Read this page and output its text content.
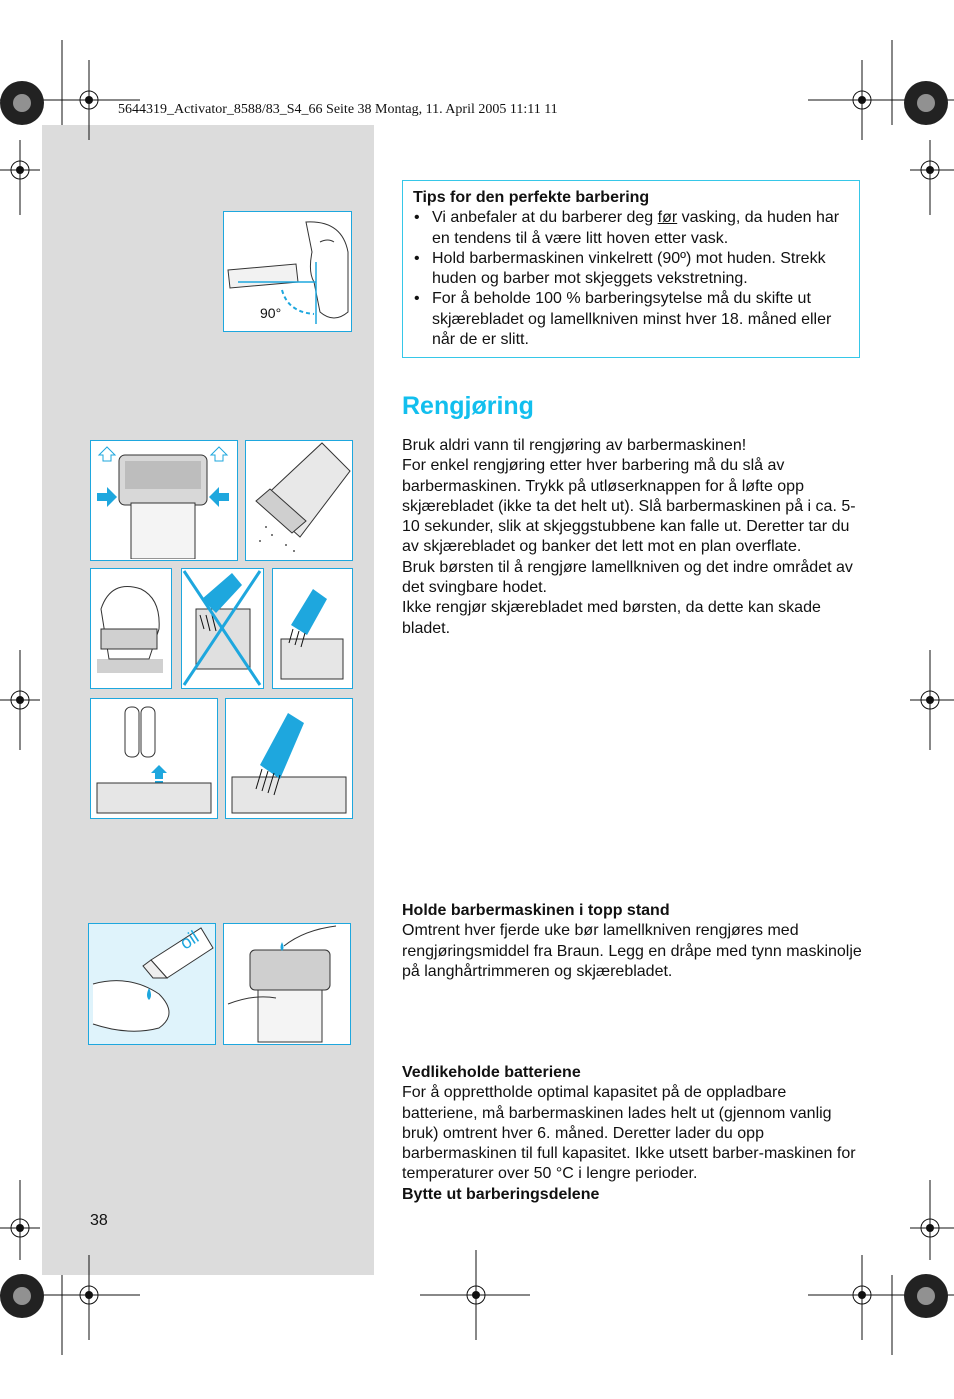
5644319_Activator_8588/83_S4_66 Seite 38 Montag, 11. April 2005 11:11 11
90°
oil
Tips for den perfekte barbering
• Vi anbefaler at du barberer deg før vasking, da huden har en tendens til å være litt hoven etter vask.
• Hold barbermaskinen vinkelrett (90º) mot huden. Strekk huden og barber mot skjeggets vekstretning.
• For å beholde 100 % barberingsytelse må du skifte ut skjærebladet og lamellkniven minst hver 18. måned eller når de er slitt.
Rengjøring

Bruk aldri vann til rengjøring av barbermaskinen!

For enkel rengjøring etter hver barbering må du slå av barbermaskinen. Trykk på utløserknappen for å løfte opp skjærebladet (ikke ta det helt ut). Slå barbermaskinen på i ca. 5-10 sekunder, slik at skjeggstubbene kan falle ut. Deretter tar du av skjærebladet og banker det lett mot en plan overflate.

Bruk børsten til å rengjøre lamellkniven og det indre området av det svingbare hodet.

Ikke rengjør skjærebladet med børsten, da dette kan skade bladet.

Holde barbermaskinen i topp stand

Omtrent hver fjerde uke bør lamellkniven rengjøres med rengjøringsmiddel fra Braun. Legg en dråpe med tynn maskinolje på langhårtrimmeren og skjærebladet.

Vedlikeholde batteriene

For å opprettholde optimal kapasitet på de oppladbare batteriene, må barbermaskinen lades helt ut (gjennom vanlig bruk) omtrent hver 6. måned. Deretter lader du opp barbermaskinen til full kapasitet. Ikke utsett barber-maskinen for temperaturer over 50 °C i lengre perioder.

Bytte ut barberingsdelene

38
